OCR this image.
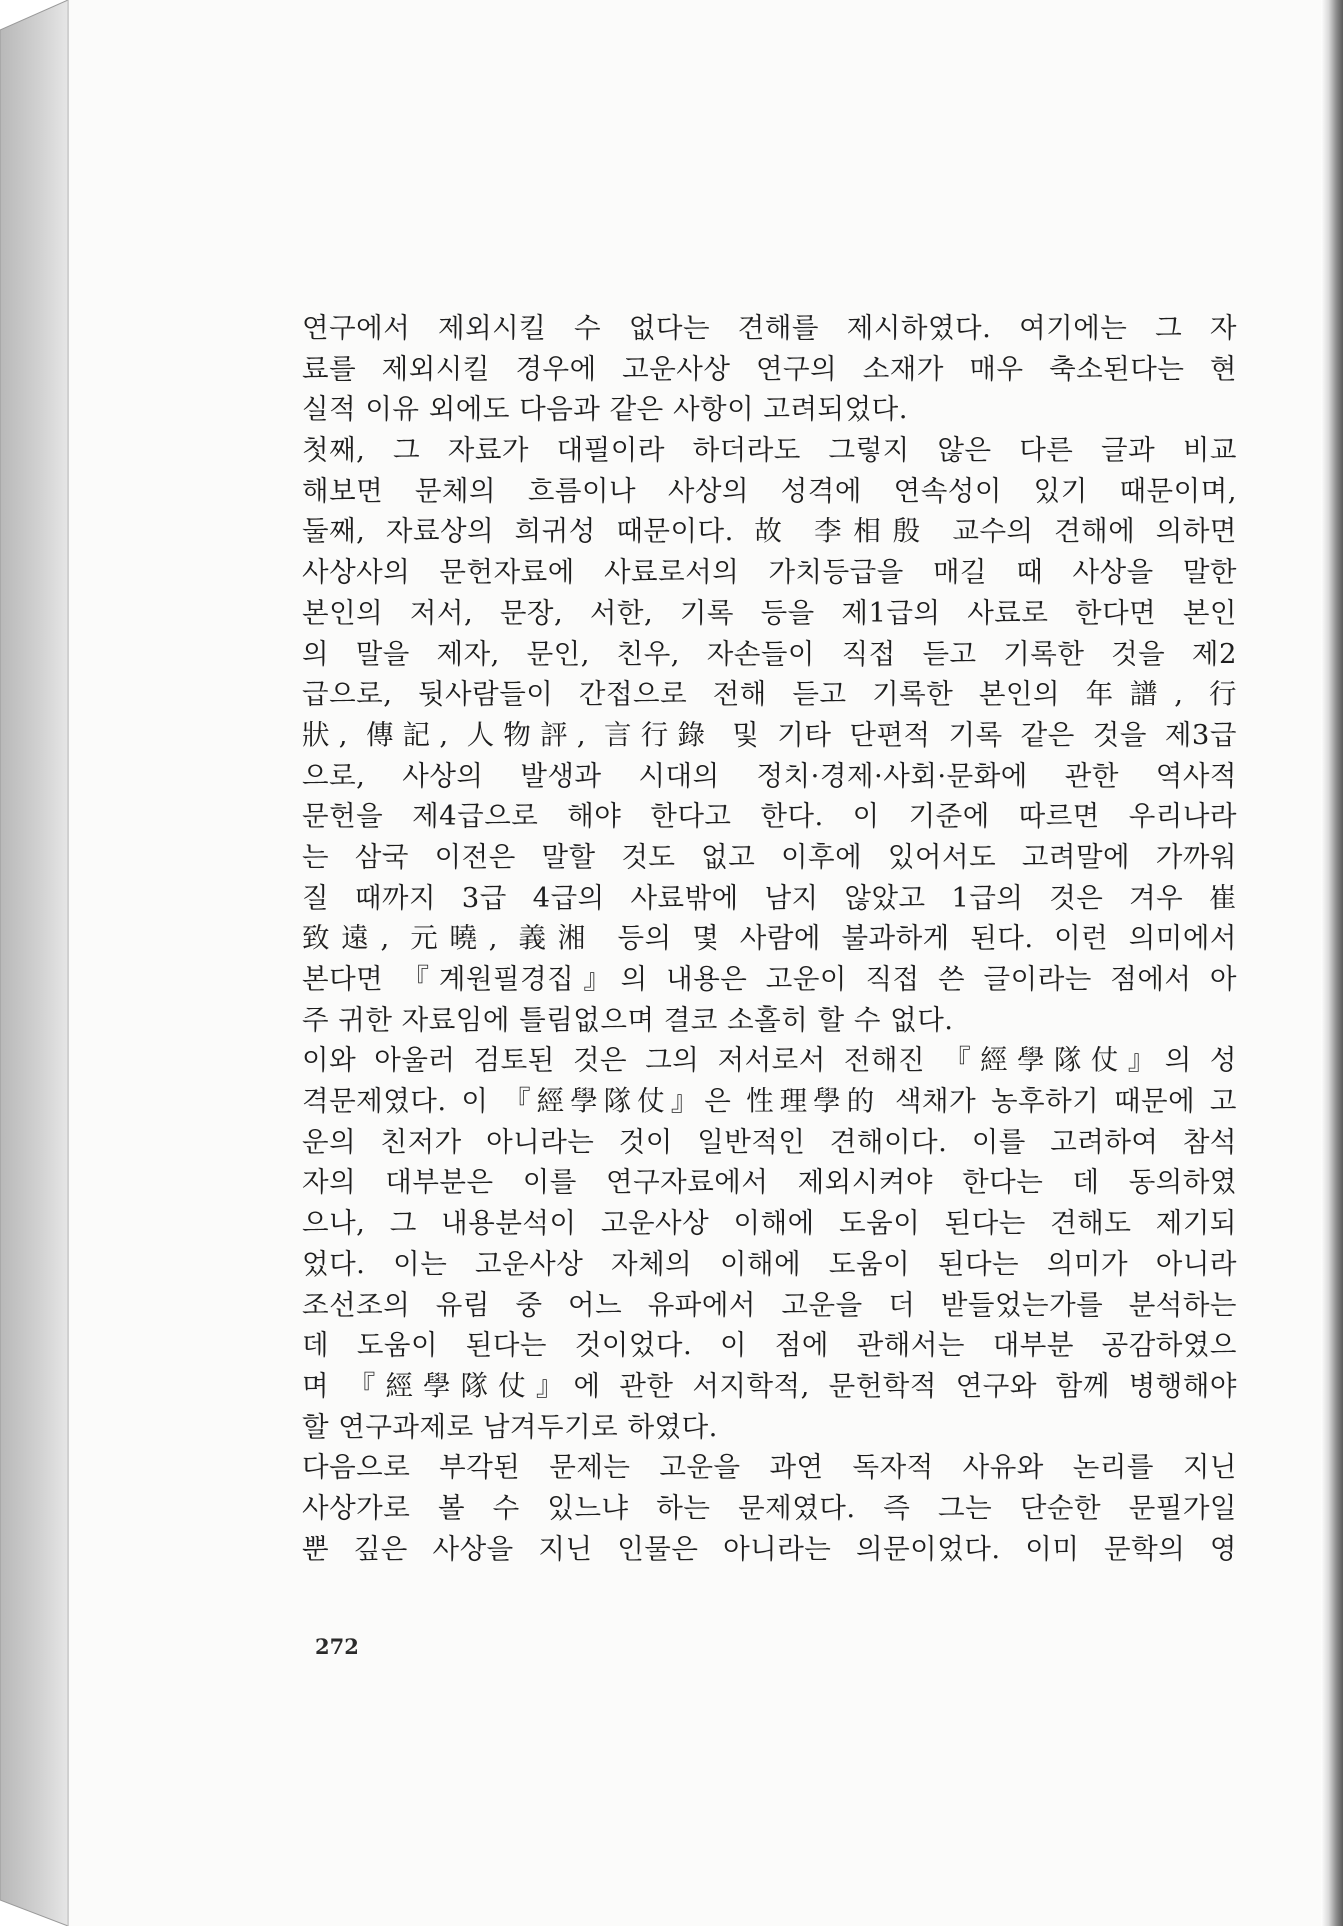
연구에서 제외시킬 수 없다는 견해를 제시하였다. 여기에는 그 자
료를 제외시킬 경우에 고운사상 연구의 소재가 매우 축소된다는 현
실적 이유 외에도 다음과 같은 사항이 고려되었다.
첫째, 그 자료가 대필이라 하더라도 그렇지 않은 다른 글과 비교
해보면 문체의 흐름이나 사상의 성격에 연속성이 있기 때문이며,
둘째, 자료상의 희귀성 때문이다. 故 李相殷 교수의 견해에 의하면
사상사의 문헌자료에 사료로서의 가치등급을 매길 때 사상을 말한
본인의 저서, 문장, 서한, 기록 등을 제1급의 사료로 한다면 본인
의 말을 제자, 문인, 친우, 자손들이 직접 듣고 기록한 것을 제2
급으로, 뒷사람들이 간접으로 전해 듣고 기록한 본인의 年譜, 行
狀, 傳記, 人物評, 言行錄 및 기타 단편적 기록 같은 것을 제3급
으로, 사상의 발생과 시대의 정치·경제·사회·문화에 관한 역사적
문헌을 제4급으로 해야 한다고 한다. 이 기준에 따르면 우리나라
는 삼국 이전은 말할 것도 없고 이후에 있어서도 고려말에 가까워
질 때까지 3급 4급의 사료밖에 남지 않았고 1급의 것은 겨우 崔
致遠, 元曉, 義湘 등의 몇 사람에 불과하게 된다. 이런 의미에서
본다면 『계원필경집』의 내용은 고운이 직접 쓴 글이라는 점에서 아
주 귀한 자료임에 틀림없으며 결코 소홀히 할 수 없다.
이와 아울러 검토된 것은 그의 저서로서 전해진 『經學隊仗』의 성
격문제였다. 이 『經學隊仗』은 性理學的 색채가 농후하기 때문에 고
운의 친저가 아니라는 것이 일반적인 견해이다. 이를 고려하여 참석
자의 대부분은 이를 연구자료에서 제외시켜야 한다는 데 동의하였
으나, 그 내용분석이 고운사상 이해에 도움이 된다는 견해도 제기되
었다. 이는 고운사상 자체의 이해에 도움이 된다는 의미가 아니라
조선조의 유림 중 어느 유파에서 고운을 더 받들었는가를 분석하는
데 도움이 된다는 것이었다. 이 점에 관해서는 대부분 공감하였으
며 『經學隊仗』에 관한 서지학적, 문헌학적 연구와 함께 병행해야
할 연구과제로 남겨두기로 하였다.
다음으로 부각된 문제는 고운을 과연 독자적 사유와 논리를 지닌
사상가로 볼 수 있느냐 하는 문제였다. 즉 그는 단순한 문필가일
뿐 깊은 사상을 지닌 인물은 아니라는 의문이었다. 이미 문학의 영
272
